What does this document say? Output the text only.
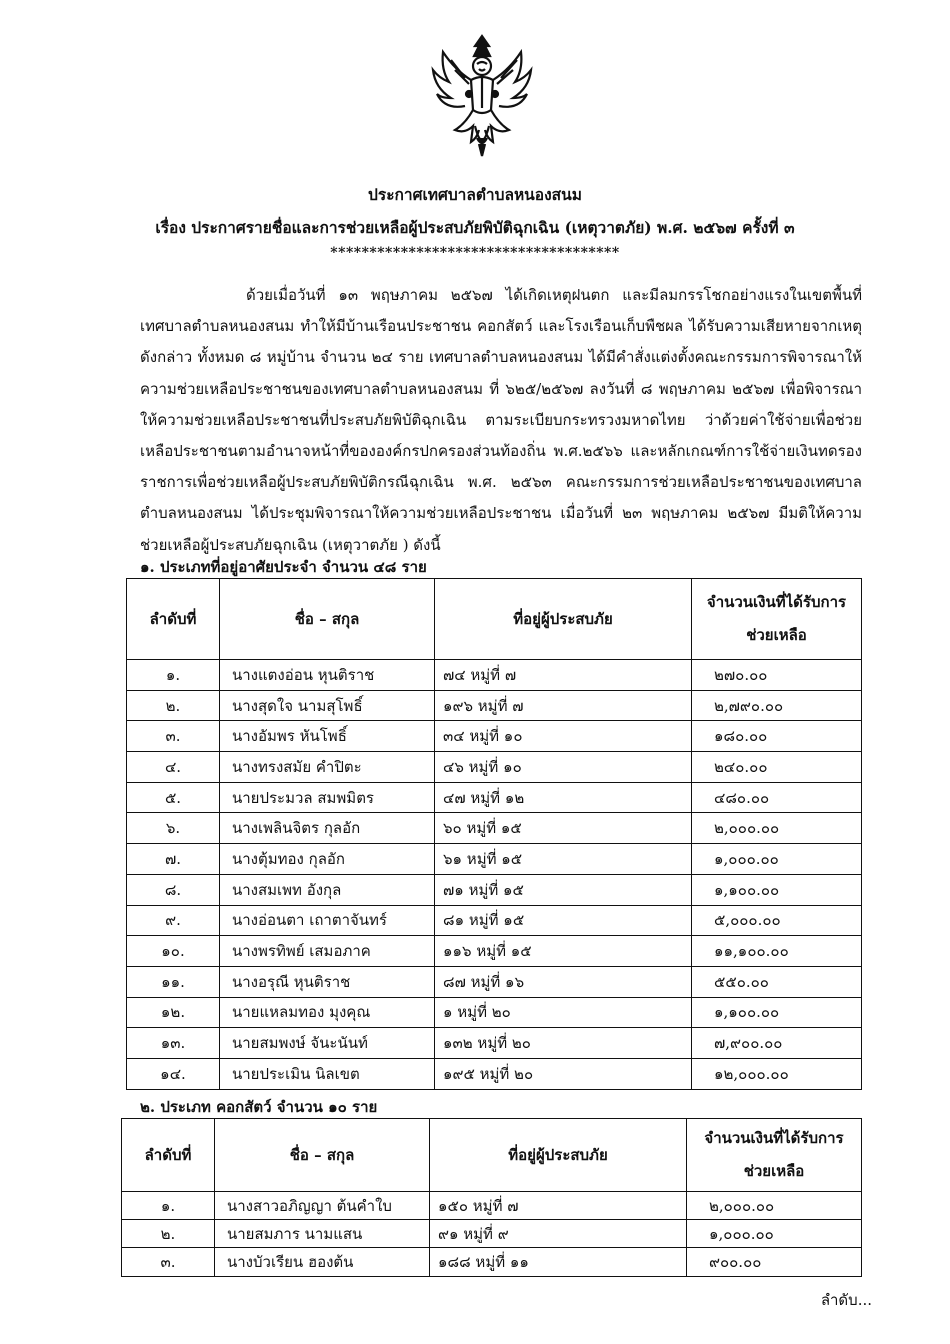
ประกาศเทศบาลตำบลหนองสนม
เรื่อง ประกาศรายชื่อและการช่วยเหลือผู้ประสบภัยพิบัติฉุกเฉิน (เหตุวาตภัย) พ.ศ. ๒๕๖๗ ครั้งที่ ๓
*************************************
ด้วยเมื่อวันที่ ๑๓ พฤษภาคม ๒๕๖๗ ได้เกิดเหตุฝนตก และมีลมกรรโชกอย่างแรงในเขตพื้นที่เทศบาลตำบลหนองสนม ทำให้มีบ้านเรือนประชาชน คอกสัตว์ และโรงเรือนเก็บพืชผล ได้รับความเสียหายจากเหตุดังกล่าว ทั้งหมด ๘ หมู่บ้าน จำนวน ๒๔ ราย เทศบาลตำบลหนองสนม ได้มีคำสั่งแต่งตั้งคณะกรรมการพิจารณาให้ความช่วยเหลือประชาชนของเทศบาลตำบลหนองสนม ที่ ๖๒๕/๒๕๖๗ ลงวันที่ ๘ พฤษภาคม ๒๕๖๗ เพื่อพิจารณาให้ความช่วยเหลือประชาชนที่ประสบภัยพิบัติฉุกเฉิน ตามระเบียบกระทรวงมหาดไทย ว่าด้วยค่าใช้จ่ายเพื่อช่วยเหลือประชาชนตามอำนาจหน้าที่ขององค์กรปกครองส่วนท้องถิ่น พ.ศ.๒๕๖๖ และหลักเกณฑ์การใช้จ่ายเงินทดรองราชการเพื่อช่วยเหลือผู้ประสบภัยพิบัติกรณีฉุกเฉิน พ.ศ. ๒๕๖๓ คณะกรรมการช่วยเหลือประชาชนของเทศบาลตำบลหนองสนม ได้ประชุมพิจารณาให้ความช่วยเหลือประชาชน เมื่อวันที่ ๒๓ พฤษภาคม ๒๕๖๗ มีมติให้ความช่วยเหลือผู้ประสบภัยฉุกเฉิน (เหตุวาตภัย ) ดังนี้
๑. ประเภทที่อยู่อาศัยประจำ จำนวน ๔๘ ราย
ลำดับที่	ชื่อ – สกุล	ที่อยู่ผู้ประสบภัย	จำนวนเงินที่ได้รับการ
ช่วยเหลือ
๑.	นางแตงอ่อน หุนติราช	๗๔ หมู่ที่ ๗	๒๗๐.๐๐
๒.	นางสุดใจ นามสุโพธิ์	๑๙๖ หมู่ที่ ๗	๒,๗๙๐.๐๐
๓.	นางอัมพร หันโพธิ์	๓๔ หมู่ที่ ๑๐	๑๘๐.๐๐
๔.	นางทรงสมัย คำปิตะ	๔๖ หมู่ที่ ๑๐	๒๔๐.๐๐
๕.	นายประมวล สมพมิตร	๔๗ หมู่ที่ ๑๒	๔๘๐.๐๐
๖.	นางเพลินจิตร กุลอัก	๖๐ หมู่ที่ ๑๕	๒,๐๐๐.๐๐
๗.	นางตุ้มทอง กุลอัก	๖๑ หมู่ที่ ๑๕	๑,๐๐๐.๐๐
๘.	นางสมเพท อังกุล	๗๑ หมู่ที่ ๑๕	๑,๑๐๐.๐๐
๙.	นางอ่อนตา เถาตาจันทร์	๘๑ หมู่ที่ ๑๕	๕,๐๐๐.๐๐
๑๐.	นางพรทิพย์ เสมอภาค	๑๑๖ หมู่ที่ ๑๕	๑๑,๑๐๐.๐๐
๑๑.	นางอรุณี หุนติราช	๘๗ หมู่ที่ ๑๖	๕๕๐.๐๐
๑๒.	นายแหลมทอง มุงคุณ	๑ หมู่ที่ ๒๐	๑,๑๐๐.๐๐
๑๓.	นายสมพงษ์ จันะนันท์	๑๓๒ หมู่ที่ ๒๐	๗,๙๐๐.๐๐
๑๔.	นายประเมิน นิลเขต	๑๙๕ หมู่ที่ ๒๐	๑๒,๐๐๐.๐๐
๒. ประเภท คอกสัตว์ จำนวน ๑๐ ราย
ลำดับที่	ชื่อ – สกุล	ที่อยู่ผู้ประสบภัย	จำนวนเงินที่ได้รับการ
ช่วยเหลือ
๑.	นางสาวอภิญญา ต้นคำใบ	๑๕๐ หมู่ที่ ๗	๒,๐๐๐.๐๐
๒.	นายสมภาร นามแสน	๙๑ หมู่ที่ ๙	๑,๐๐๐.๐๐
๓.	นางบัวเรียน ฮองต้น	๑๘๘ หมู่ที่ ๑๑	๙๐๐.๐๐
ลำดับ...
